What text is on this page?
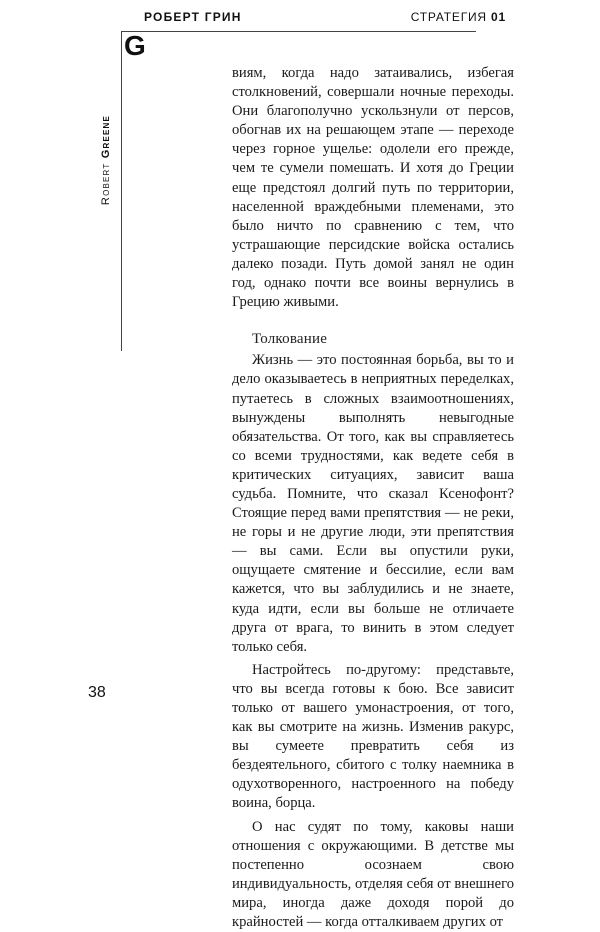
РОБЕРТ ГРИН	СТРАТЕГИЯ 01
G
Robert Greene

виям, когда надо затаивались, избегая столкновений, совершали ночные переходы. Они благополучно ускользнули от персов, обогнав их на решающем этапе — переходе через горное ущелье: одолели его прежде, чем те сумели помешать. И хотя до Греции еще предстоял долгий путь по территории, населенной враждебными племенами, это было ничто по сравнению с тем, что устрашающие персидские войска остались далеко позади. Путь домой занял не один год, однако почти все воины вернулись в Грецию живыми.

Толкование

Жизнь — это постоянная борьба, вы то и дело оказываетесь в неприятных переделках, путаетесь в сложных взаимоотношениях, вынуждены выполнять невыгодные обязательства. От того, как вы справляетесь со всеми трудностями, как ведете себя в критических ситуациях, зависит ваша судьба. Помните, что сказал Ксенофонт? Стоящие перед вами препятствия — не реки, не горы и не другие люди, эти препятствия — вы сами. Если вы опустили руки, ощущаете смятение и бессилие, если вам кажется, что вы заблудились и не знаете, куда идти, если вы больше не отличаете друга от врага, то винить в этом следует только себя.

Настройтесь по-другому: представьте, что вы всегда готовы к бою. Все зависит только от вашего умонастроения, от того, как вы смотрите на жизнь. Изменив ракурс, вы сумеете превратить себя из бездеятельного, сбитого с толку наемника в одухотворенного, настроенного на победу воина, борца.

О нас судят по тому, каковы наши отношения с окружающими. В детстве мы постепенно осознаем свою индивидуальность, отделяя себя от внешнего мира, иногда даже доходя порой до крайностей — когда отталкиваем других от

38
